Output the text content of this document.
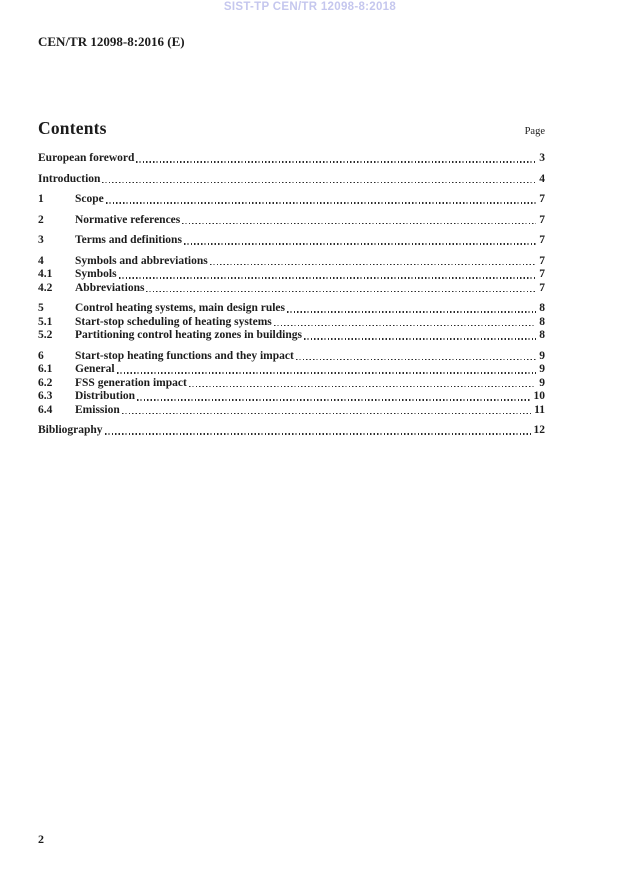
SIST-TP CEN/TR 12098-8:2018
CEN/TR 12098-8:2016 (E)
Contents	Page
European foreword	3
Introduction	4
1	Scope	7
2	Normative references	7
3	Terms and definitions	7
4	Symbols and abbreviations	7
4.1	Symbols	7
4.2	Abbreviations	7
5	Control heating systems, main design rules	8
5.1	Start-stop scheduling of heating systems	8
5.2	Partitioning control heating zones in buildings	8
6	Start-stop heating functions and they impact	9
6.1	General	9
6.2	FSS generation impact	9
6.3	Distribution	10
6.4	Emission	11
Bibliography	12
2
